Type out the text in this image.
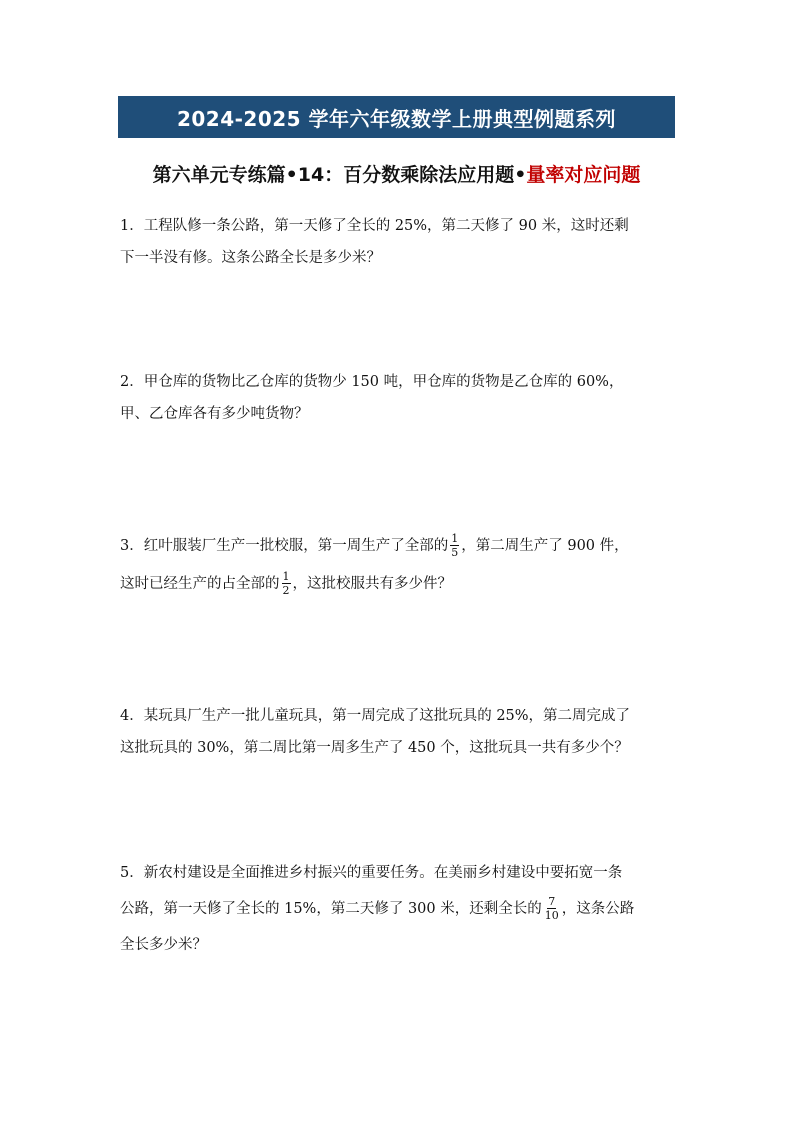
2024-2025 学年六年级数学上册典型例题系列
第六单元专练篇•14：百分数乘除法应用题•量率对应问题
1．工程队修一条公路，第一天修了全长的 25%，第二天修了 90 米，这时还剩
下一半没有修。这条公路全长是多少米？
2．甲仓库的货物比乙仓库的货物少 150 吨，甲仓库的货物是乙仓库的 60%，
甲、乙仓库各有多少吨货物？
3．红叶服装厂生产一批校服，第一周生产了全部的 $\frac{1}{5}$ ，第二周生产了 900 件，
这时已经生产的占全部的 $\frac{1}{2}$ ，这批校服共有多少件？
4．某玩具厂生产一批儿童玩具，第一周完成了这批玩具的 25%，第二周完成了
这批玩具的 30%，第二周比第一周多生产了 450 个，这批玩具一共有多少个？
5．新农村建设是全面推进乡村振兴的重要任务。在美丽乡村建设中要拓宽一条
公路，第一天修了全长的 15%，第二天修了 300 米，还剩全长的 $\frac{7}{10}$ ，这条公路
全长多少米？
